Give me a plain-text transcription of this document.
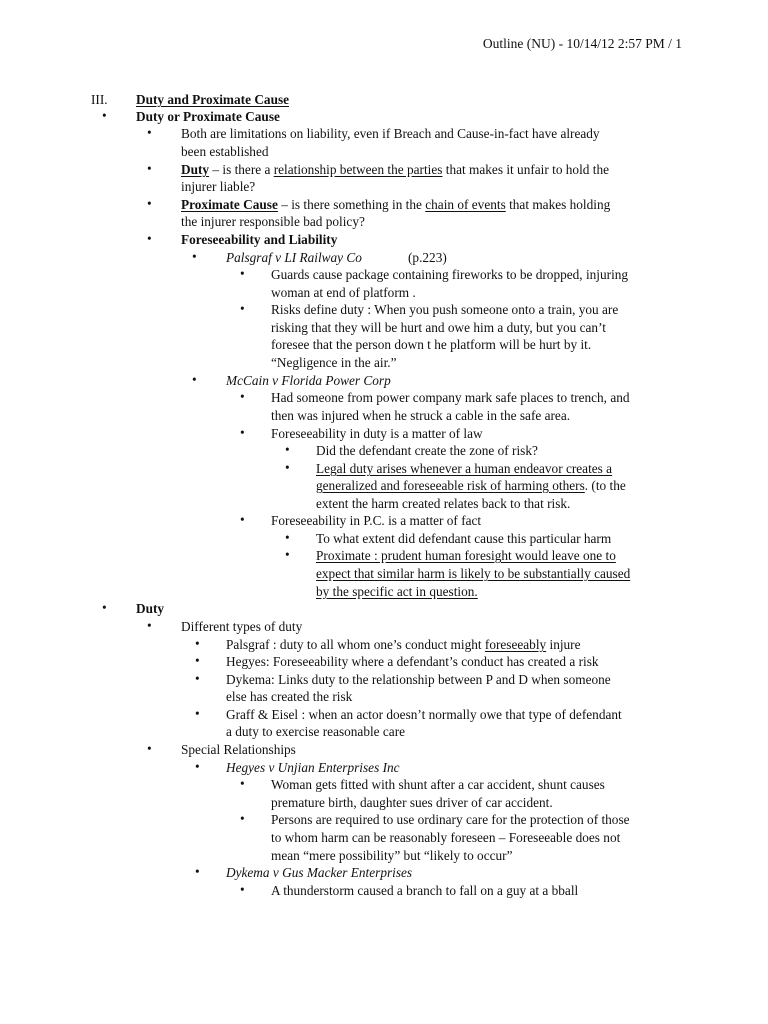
Outline (NU) - 10/14/12 2:57 PM / 1
III. Duty and Proximate Cause
• Duty or Proximate Cause
• Both are limitations on liability, even if Breach and Cause-in-fact have already
been established
• Duty – is there a relationship between the parties that makes it unfair to hold the
injurer liable?
• Proximate Cause – is there something in the chain of events that makes holding
the injurer responsible bad policy?
• Foreseeability and Liability
• Palsgraf v LI Railway Co	(p.223)
• Guards cause package containing fireworks to be dropped, injuring
woman at end of platform .
• Risks define duty : When you push someone onto a train, you are
risking that they will be hurt and owe him a duty, but you can’t
foresee that the person down t he platform will be hurt by it.
“Negligence in the air.”
• McCain v Florida Power Corp
• Had someone from power company mark safe places to trench, and
then was injured when he struck a cable in the safe area.
• Foreseeability in duty is a matter of law
• Did the defendant create the zone of risk?
• Legal duty arises whenever a human endeavor creates a
generalized and foreseeable risk of harming others. (to the
extent the harm created relates back to that risk.
• Foreseeability in P.C. is a matter of fact
• To what extent did defendant cause this particular harm
• Proximate : prudent human foresight would leave one to
expect that similar harm is likely to be substantially caused
by the specific act in question.
• Duty
• Different types of duty
• Palsgraf : duty to all whom one’s conduct might foreseeably injure
• Hegyes: Foreseeability where a defendant’s conduct has created a risk
• Dykema: Links duty to the relationship between P and D when someone
else has created the risk
• Graff & Eisel : when an actor doesn’t normally owe that type of defendant
a duty to exercise reasonable care
• Special Relationships
• Hegyes v Unjian Enterprises Inc
• Woman gets fitted with shunt after a car accident, shunt causes
premature birth, daughter sues driver of car accident.
• Persons are required to use ordinary care for the protection of those
to whom harm can be reasonably foreseen – Foreseeable does not
mean “mere possibility” but “likely to occur”
• Dykema v Gus Macker Enterprises
• A thunderstorm caused a branch to fall on a guy at a bball
